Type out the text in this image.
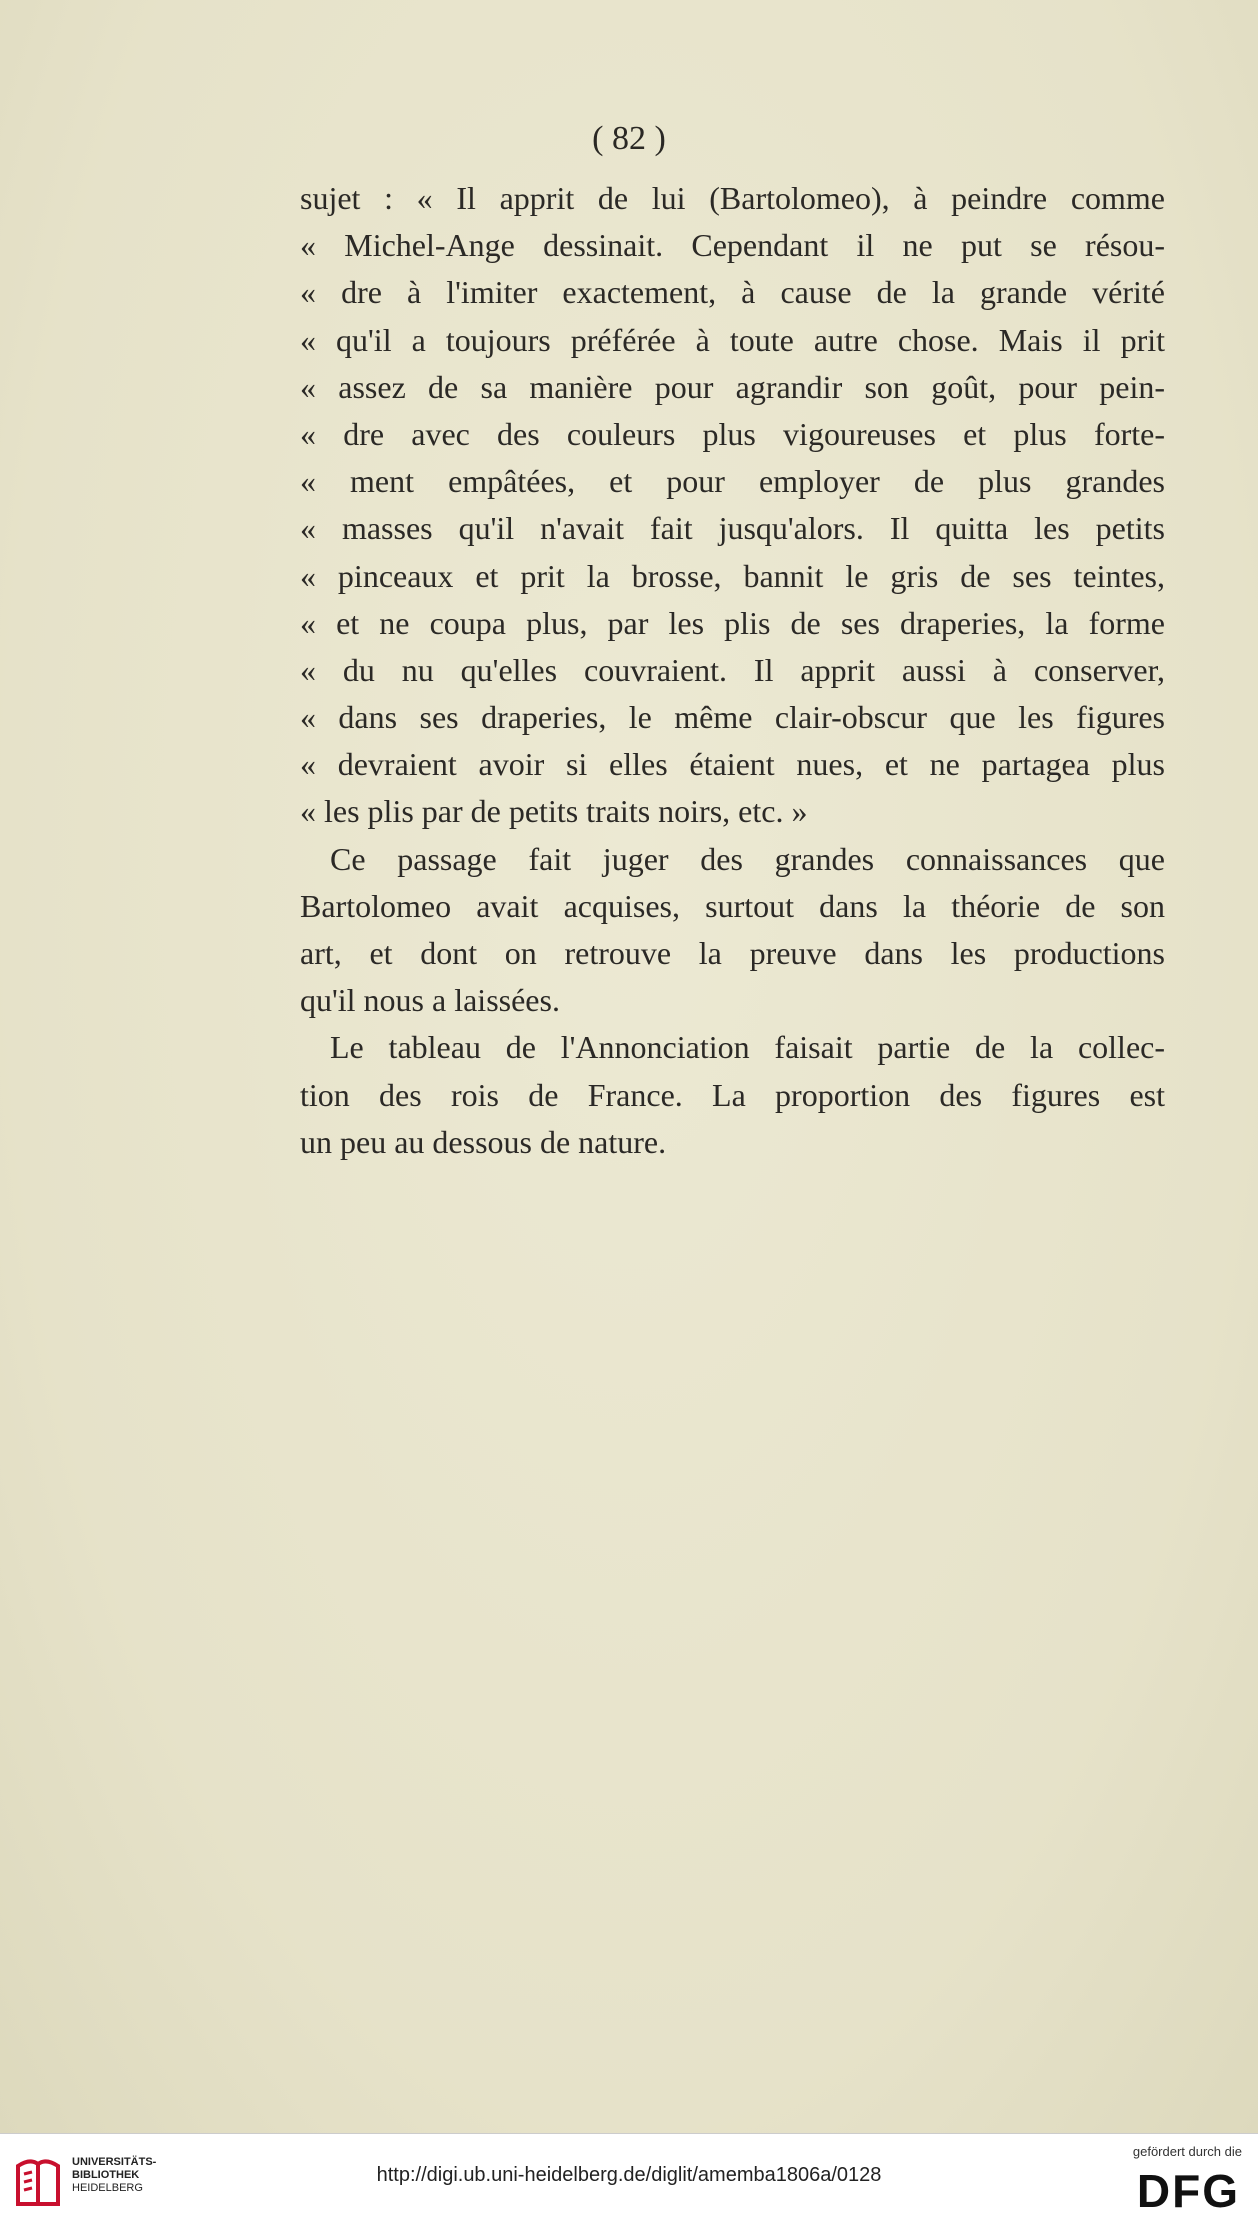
( 82 )
sujet : « Il apprit de lui (Bartolomeo), à peindre comme
« Michel-Ange dessinait. Cependant il ne put se résou-
« dre à l'imiter exactement, à cause de la grande vérité
« qu'il a toujours préférée à toute autre chose. Mais il prit
« assez de sa manière pour agrandir son goût, pour pein-
« dre avec des couleurs plus vigoureuses et plus forte-
« ment empâtées, et pour employer de plus grandes
« masses qu'il n'avait fait jusqu'alors. Il quitta les petits
« pinceaux et prit la brosse, bannit le gris de ses teintes,
« et ne coupa plus, par les plis de ses draperies, la forme
« du nu qu'elles couvraient. Il apprit aussi à conserver,
« dans ses draperies, le même clair-obscur que les figures
« devraient avoir si elles étaient nues, et ne partagea plus
« les plis par de petits traits noirs, etc. »
Ce passage fait juger des grandes connaissances que
Bartolomeo avait acquises, surtout dans la théorie de son
art, et dont on retrouve la preuve dans les productions
qu'il nous a laissées.
Le tableau de l'Annonciation faisait partie de la collec-
tion des rois de France. La proportion des figures est
un peu au dessous de nature.
UNIVERSITÄTS-
BIBLIOTHEK
HEIDELBERG
http://digi.ub.uni-heidelberg.de/diglit/amemba1806a/0128
gefördert durch die
DFG
